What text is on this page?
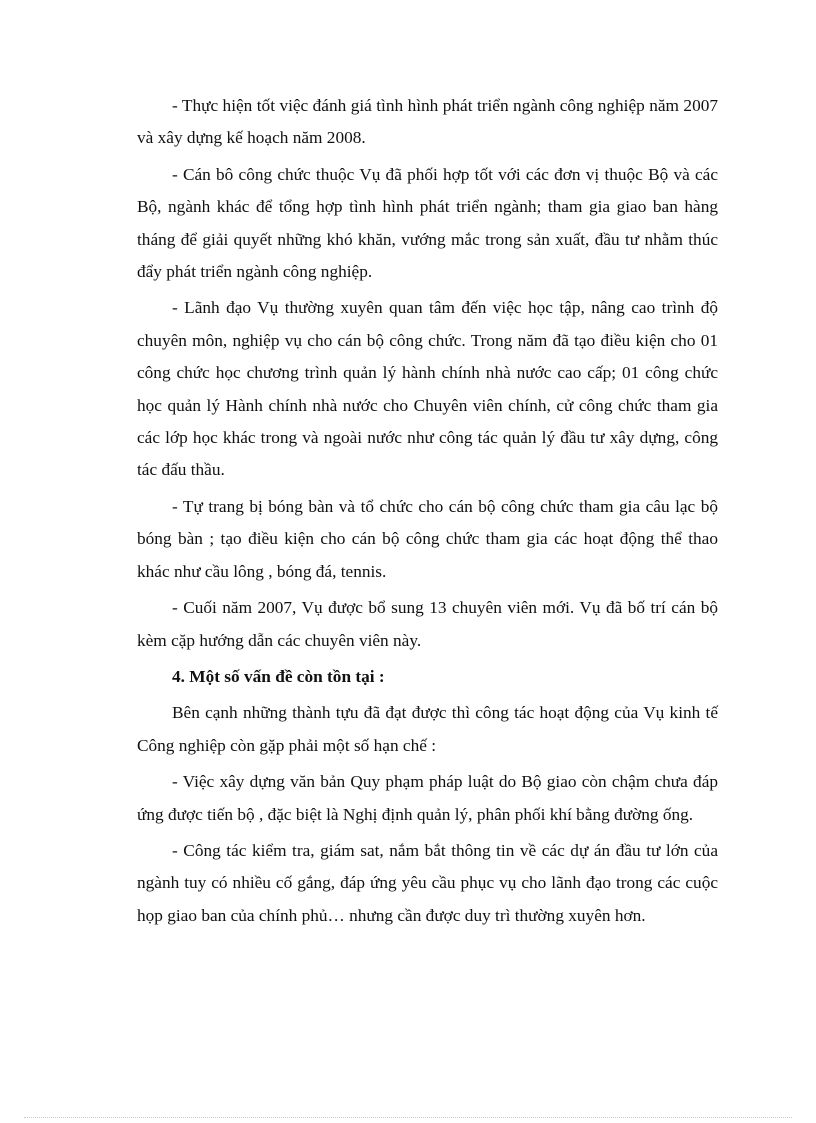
- Thực hiện tốt việc đánh giá tình hình phát triển ngành công nghiệp năm 2007 và xây dựng kế hoạch năm 2008.

- Cán bô công chức thuộc Vụ đã phối hợp tốt với các đơn vị thuộc Bộ và các Bộ, ngành khác để tổng hợp tình hình phát triển ngành; tham gia giao ban hàng tháng để giải quyết những khó khăn, vướng mắc trong sản xuất, đầu tư nhằm thúc đẩy phát triển ngành công nghiệp.

- Lãnh đạo Vụ thường xuyên quan tâm đến việc học tập, nâng cao trình độ chuyên môn, nghiệp vụ cho cán bộ công chức. Trong năm đã tạo điều kiện cho 01 công chức học chương trình quản lý hành chính nhà nước cao cấp; 01 công chức học quản lý Hành chính nhà nước cho Chuyên viên chính, cử công chức tham gia các lớp học khác trong và ngoài nước như công tác quản lý đầu tư xây dựng, công tác đấu thầu.

- Tự trang bị bóng bàn và tổ chức cho cán bộ công chức tham gia câu lạc bộ bóng bàn ; tạo điều kiện cho cán bộ công chức tham gia các hoạt động thể thao khác như cầu lông , bóng đá, tennis.

- Cuối năm 2007, Vụ được bổ sung 13 chuyên viên mới. Vụ đã bố trí cán bộ kèm cặp hướng dẫn các chuyên viên này.

4. Một số vấn đề còn tồn tại :

Bên cạnh những thành tựu đã đạt được thì công tác hoạt động của Vụ kinh tế Công nghiệp còn gặp phải một số hạn chế :

- Việc xây dựng văn bản Quy phạm pháp luật do Bộ giao còn chậm chưa đáp ứng được tiến bộ , đặc biệt là Nghị định quản lý, phân phối khí bằng đường ống.

- Công tác kiểm tra, giám sat, nắm bắt thông tin về các dự án đầu tư lớn của ngành tuy có nhiều cố gắng, đáp ứng yêu cầu phục vụ cho lãnh đạo trong các cuộc họp giao ban của chính phủ… nhưng cần được duy trì thường xuyên hơn.
